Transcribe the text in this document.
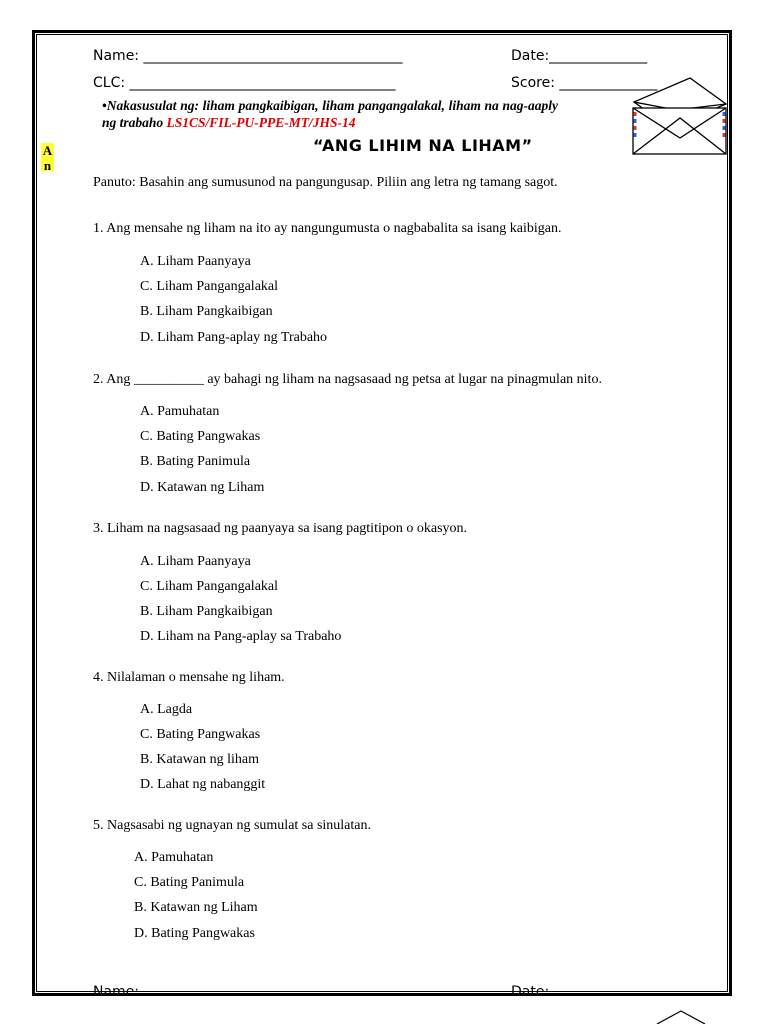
Name: _____________________________________	Date:______________
CLC: ______________________________________	Score: ______________
•Nakasusulat ng: liham pangkaibigan, liham pangangalakal, liham na nag-aaply ng trabaho LS1CS/FIL-PU-PPE-MT/JHS-14
“ANG LIHIM NA LIHAM”
A n
Panuto: Basahin ang sumusunod na pangungusap. Piliin ang letra ng tamang sagot.
1. Ang mensahe ng liham na ito ay nangungumusta o nagbabalita sa isang kaibigan.
A. Liham Paanyaya
C. Liham Pangangalakal
B. Liham Pangkaibigan
D. Liham Pang-aplay ng Trabaho
2. Ang __________ ay bahagi ng liham na nagsasaad ng petsa at lugar na pinagmulan nito.
A. Pamuhatan
C. Bating Pangwakas
B. Bating Panimula
D. Katawan ng Liham
3. Liham na nagsasaad ng paanyaya sa isang pagtitipon o okasyon.
A. Liham Paanyaya
C. Liham Pangangalakal
B. Liham Pangkaibigan
D. Liham na Pang-aplay sa Trabaho
4. Nilalaman o mensahe ng liham.
A. Lagda
C. Bating Pangwakas
B. Katawan ng liham
D. Lahat ng nabanggit
5. Nagsasabi ng ugnayan ng sumulat sa sinulatan.
A. Pamuhatan
C. Bating Panimula
B. Katawan ng Liham
D. Bating Pangwakas
Name:	Date:
